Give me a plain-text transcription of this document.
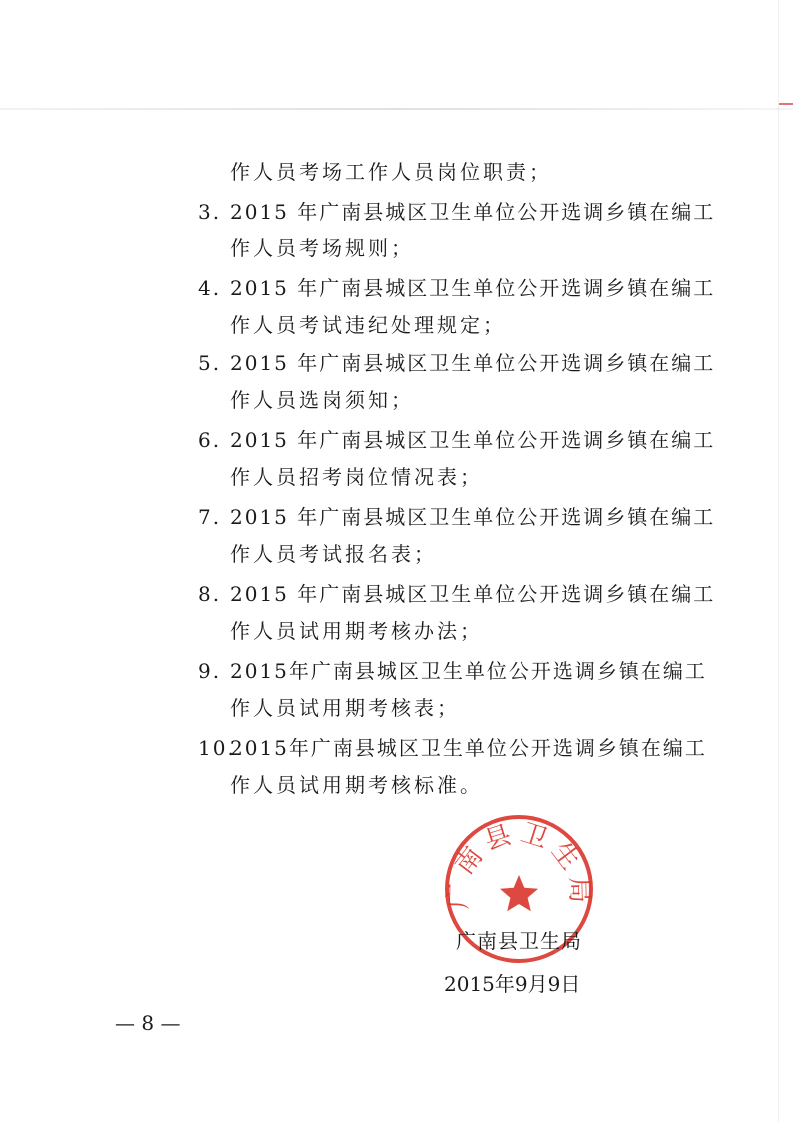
作人员考场工作人员岗位职责；
3. 2015 年广南县城区卫生单位公开选调乡镇在编工
作人员考场规则；
4. 2015 年广南县城区卫生单位公开选调乡镇在编工
作人员考试违纪处理规定；
5. 2015 年广南县城区卫生单位公开选调乡镇在编工
作人员选岗须知；
6. 2015 年广南县城区卫生单位公开选调乡镇在编工
作人员招考岗位情况表；
7. 2015 年广南县城区卫生单位公开选调乡镇在编工
作人员考试报名表；
8. 2015 年广南县城区卫生单位公开选调乡镇在编工
作人员试用期考核办法；
9. 2015年广南县城区卫生单位公开选调乡镇在编工
作人员试用期考核表；
10.2015年广南县城区卫生单位公开选调乡镇在编工
作人员试用期考核标准。
广南县卫生局
广南县卫生局
2015年9月9日
— 8 —
